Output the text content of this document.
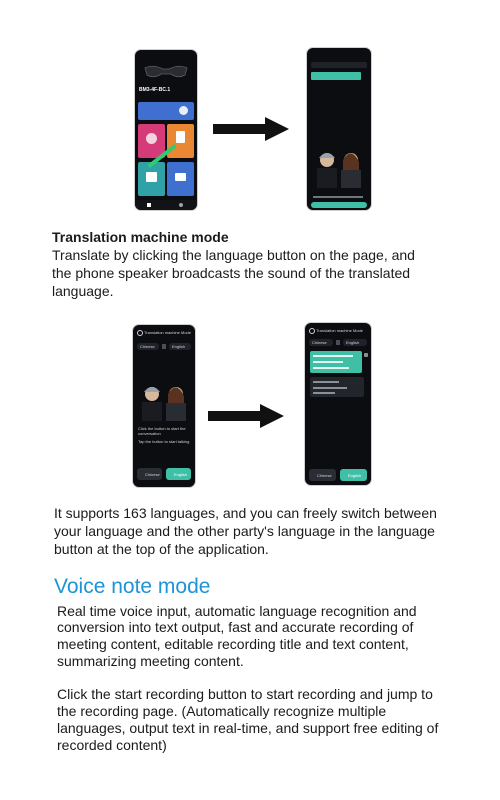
BM3-4F-BC.1
Translation machine mode
Translate by clicking the language button on the page, and
the phone speaker broadcasts the sound of the translated
language.
Translation machine Mode
Chinese	English
Click the button to start the conversation
Tap the button to start talking
Chinese	English
Translation machine Mode
Chinese	English
Chinese	English
It supports 163 languages, and you can freely switch between
your language and the other party's language in the language
button at the top of the application.
Voice note mode
Real time voice input, automatic language recognition and
conversion into text output, fast and accurate recording of
meeting content, editable recording title and text content,
summarizing meeting content.
Click the start recording button to start recording and jump to
the recording page. (Automatically recognize multiple
languages, output text in real-time, and support free editing of
recorded content)
